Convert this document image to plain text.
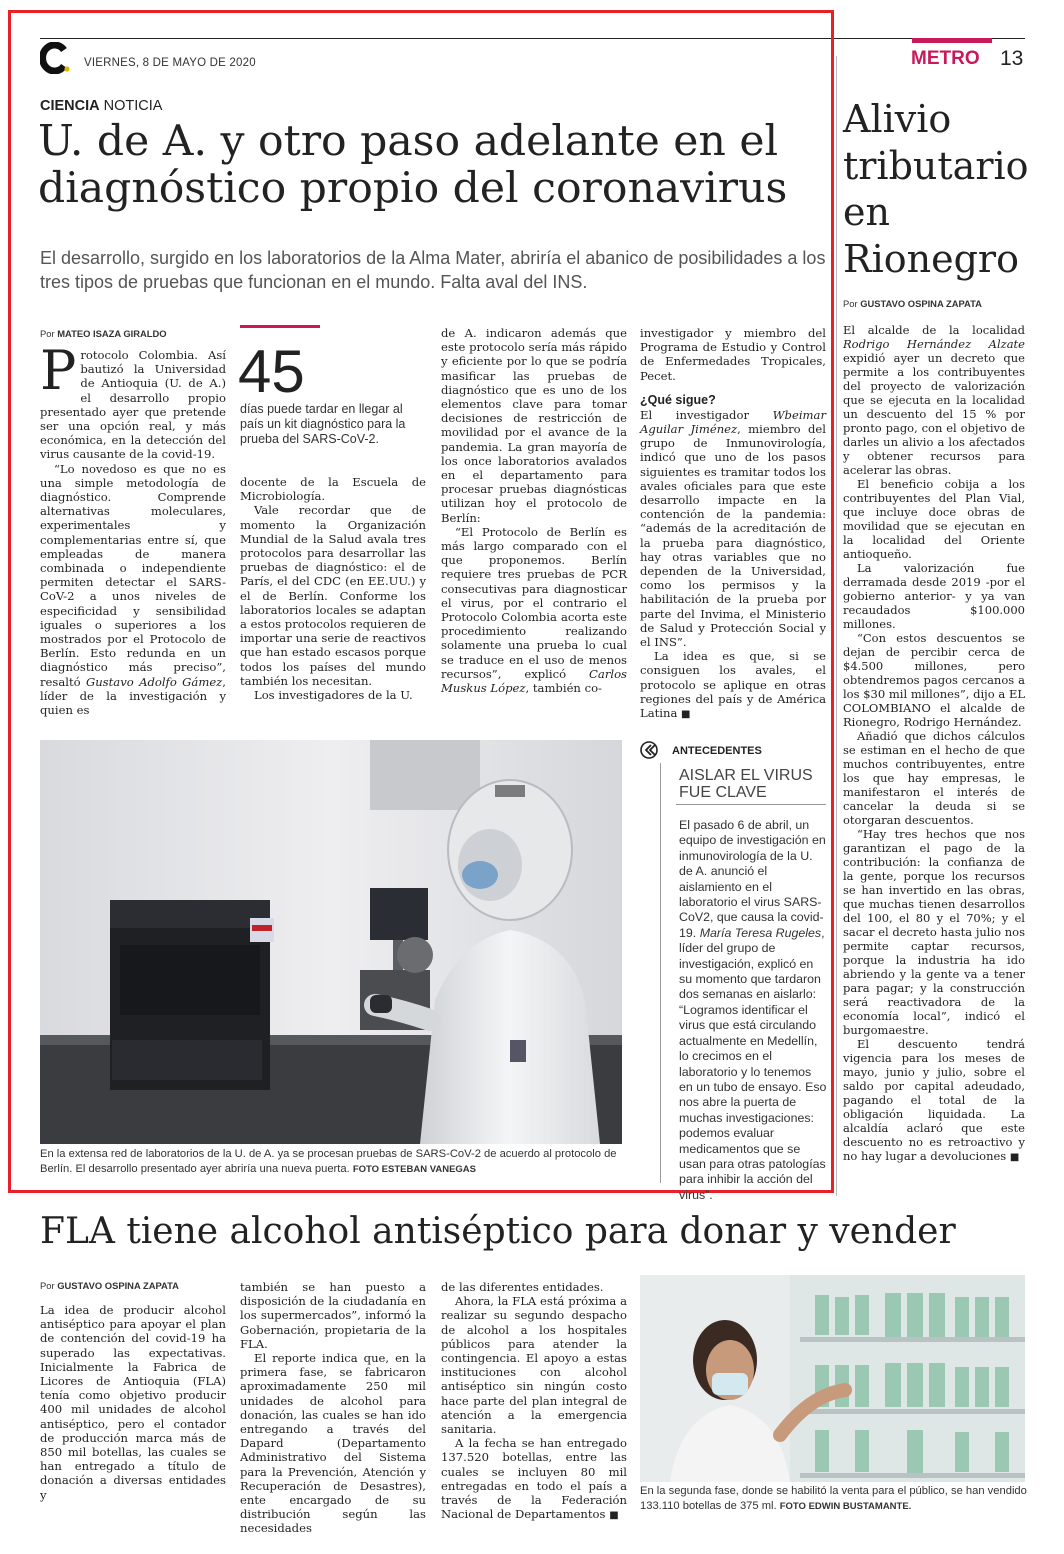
VIERNES, 8 DE MAYO DE 2020	METRO 13
CIENCIA NOTICIA
U. de A. y otro paso adelante en el diagnóstico propio del coronavirus
El desarrollo, surgido en los laboratorios de la Alma Mater, abriría el abanico de posibilidades a los tres tipos de pruebas que funcionan en el mundo. Falta aval del INS.
Por MATEO ISAZA GIRALDO

Protocolo Colombia. Así bautizó la Universidad de Antioquia (U. de A.) el desarrollo propio presentado ayer que pretende ser una opción real, y más económica, en la detección del virus causante de la covid-19.

“Lo novedoso es que no es una simple metodología de diagnóstico. Comprende alternativas moleculares, experimentales y complementarias entre sí, que empleadas de manera combinada o independiente permiten detectar el SARS-CoV-2 a unos niveles de especificidad y sensibilidad iguales o superiores a los mostrados por el Protocolo de Berlín. Esto redunda en un diagnóstico más preciso”, resaltó Gustavo Adolfo Gámez, líder de la investigación y quien es

45
días puede tardar en llegar al país un kit diagnóstico para la prueba del SARS-CoV-2.

docente de la Escuela de Microbiología.

Vale recordar que de momento la Organización Mundial de la Salud avala tres protocolos para desarrollar las pruebas de diagnóstico: el de París, el del CDC (en EE.UU.) y el de Berlín. Conforme los laboratorios locales se adaptan a estos protocolos requieren de importar una serie de reactivos que han estado escasos porque todos los países del mundo también los necesitan.

Los investigadores de la U.

de A. indicaron además que este protocolo sería más rápido y eficiente por lo que se podría masificar las pruebas de diagnóstico que es uno de los elementos clave para tomar decisiones de restricción de movilidad por el avance de la pandemia. La gran mayoría de los once laboratorios avalados en el departamento para procesar pruebas diagnósticas utilizan hoy el protocolo de Berlín:

“El Protocolo de Berlín es más largo comparado con el que proponemos. Berlín requiere tres pruebas de PCR consecutivas para diagnosticar el virus, por el contrario el Protocolo Colombia acorta este procedimiento realizando solamente una prueba lo cual se traduce en el uso de menos recursos”, explicó Carlos Muskus López, también co-

investigador y miembro del Programa de Estudio y Control de Enfermedades Tropicales, Pecet.

¿Qué sigue?

El investigador Wbeimar Aguilar Jiménez, miembro del grupo de Inmunovirología, indicó que uno de los pasos siguientes es tramitar todos los avales oficiales para que este desarrollo impacte en la contención de la pandemia: “además de la acreditación de la prueba para diagnóstico, hay otras variables que no dependen de la Universidad, como los permisos y la habilitación de la prueba por parte del Invima, el Ministerio de Salud y Protección Social y el INS”.

La idea es que, si se consiguen los avales, el protocolo se aplique en otras regiones del país y de América Latina ■

En la extensa red de laboratorios de la U. de A. ya se procesan pruebas de SARS-CoV-2 de acuerdo al protocolo de Berlín. El desarrollo presentado ayer abriría una nueva puerta. FOTO ESTEBAN VANEGAS
ANTECEDENTES
AISLAR EL VIRUS FUE CLAVE
El pasado 6 de abril, un equipo de investigación en inmunovirología de la U. de A. anunció el aislamiento en el laboratorio el virus SARS-CoV2, que causa la covid-19. María Teresa Rugeles, líder del grupo de investigación, explicó en su momento que tardaron dos semanas en aislarlo: “Logramos identificar el virus que está circulando actualmente en Medellín, lo crecimos en el laboratorio y lo tenemos en un tubo de ensayo. Eso nos abre la puerta de muchas investigaciones: podemos evaluar medicamentos que se usan para otras patologías para inhibir la acción del virus”.
Alivio tributario en Rionegro
Por GUSTAVO OSPINA ZAPATA

El alcalde de la localidad Rodrigo Hernández Alzate expidió ayer un decreto que permite a los contribuyentes del proyecto de valorización que se ejecuta en la localidad un descuento del 15 % por pronto pago, con el objetivo de darles un alivio a los afectados y obtener recursos para acelerar las obras.

El beneficio cobija a los contribuyentes del Plan Vial, que incluye doce obras de movilidad que se ejecutan en la localidad del Oriente antioqueño.

La valorización fue derramada desde 2019 -por el gobierno anterior- y ya van recaudados $100.000 millones.

“Con estos descuentos se dejan de percibir cerca de $4.500 millones, pero obtendremos pagos cercanos a los $30 mil millones”, dijo a EL COLOMBIANO el alcalde de Rionegro, Rodrigo Hernández.

Añadió que dichos cálculos se estiman en el hecho de que muchos contribuyentes, entre los que hay empresas, le manifestaron el interés de cancelar la deuda si se otorgaran descuentos.

“Hay tres hechos que nos garantizan el pago de la contribución: la confianza de la gente, porque los recursos se han invertido en las obras, que muchas tienen desarrollos del 100, el 80 y el 70%; y el sacar el decreto hasta julio nos permite captar recursos, porque la industria ha ido abriendo y la gente va a tener para pagar; y la construcción será reactivadora de la economía local”, indicó el burgomaestre.

El descuento tendrá vigencia para los meses de mayo, junio y julio, sobre el saldo por capital adeudado, pagando el total de la obligación liquidada. La alcaldía aclaró que este descuento no es retroactivo y no hay lugar a devoluciones ■

FLA tiene alcohol antiséptico para donar y vender
Por GUSTAVO OSPINA ZAPATA

La idea de producir alcohol antiséptico para apoyar el plan de contención del covid-19 ha superado las expectativas. Inicialmente la Fabrica de Licores de Antioquia (FLA) tenía como objetivo producir 400 mil unidades de alcohol antiséptico, pero el contador de producción marca más de 850 mil botellas, las cuales se han entregado a título de donación a diversas entidades y

también se han puesto a disposición de la ciudadanía en los supermercados”, informó la Gobernación, propietaria de la FLA.

El reporte indica que, en la primera fase, se fabricaron aproximadamente 250 mil unidades de alcohol para donación, las cuales se han ido entregando a través del Dapard (Departamento Administrativo del Sistema para la Prevención, Atención y Recuperación de Desastres), ente encargado de su distribución según las necesidades

de las diferentes entidades.

Ahora, la FLA está próxima a realizar su segundo despacho de alcohol a los hospitales públicos para atender la contingencia. El apoyo a estas instituciones con alcohol antiséptico sin ningún costo hace parte del plan integral de atención a la emergencia sanitaria.

A la fecha se han entregado 137.520 botellas, entre las cuales se incluyen 80 mil entregadas en todo el país a través de la Federación Nacional de Departamentos ■

En la segunda fase, donde se habilitó la venta para el público, se han vendido 133.110 botellas de 375 ml. FOTO EDWIN BUSTAMANTE.
